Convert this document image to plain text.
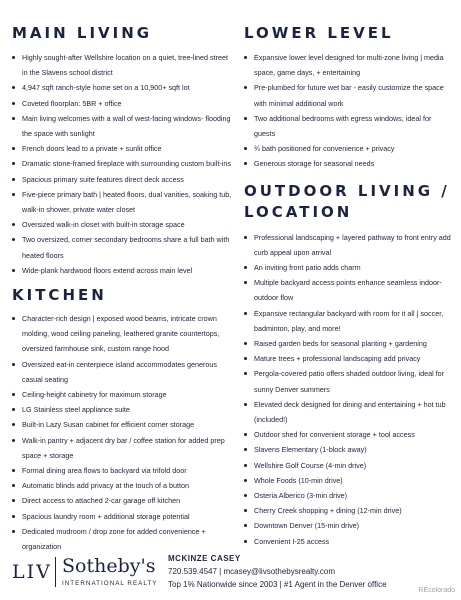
MAIN LIVING
Highly sought-after Wellshire location on a quiet, tree-lined street in the Slavens school district
4,947 sqft ranch-style home set on a 10,900+ sqft lot
Coveted floorplan: 5BR + office
Main living welcomes with a wall of west-facing windows- flooding the space with sunlight
French doors lead to a private + sunlit office
Dramatic stone-framed fireplace with surrounding custom built-ins
Spacious primary suite features direct deck access
Five-piece primary bath | heated floors, dual vanities, soaking tub, walk-in shower, private water closet
Oversized walk-in closet with built-in storage space
Two oversized, corner secondary bedrooms share a full bath with heated floors
Wide-plank hardwood floors extend across main level
KITCHEN
Character-rich design | exposed wood beams, intricate crown molding, wood ceiling paneling, leathered granite countertops, oversized farmhouse sink, custom range hood
Oversized eat-in centerpiece island accommodates generous casual seating
Ceiling-height cabinetry for maximum storage
LG Stainless steel appliance suite
Built-in Lazy Susan cabinet for efficient corner storage
Walk-in pantry + adjacent dry bar / coffee station for added prep space + storage
Formal dining area flows to backyard via trifold door
Automatic blinds add privacy at the touch of a button
Direct access to attached 2-car garage off kitchen
Spacious laundry room + additional storage potential
Dedicated mudroom / drop zone for added convenience + organization
LOWER LEVEL
Expansive lower level designed for multi-zone living | media space, game days, + entertaining
Pre-plumbed for future wet bar - easily customize the space with minimal additional work
Two additional bedrooms with egress windows, ideal for guests
¾ bath positioned for convenience + privacy
Generous storage for seasonal needs
OUTDOOR LIVING / LOCATION
Professional landscaping + layered pathway to front entry add curb appeal upon arrival
An inviting front patio adds charm
Multiple backyard access points enhance seamless indoor-outdoor flow
Expansive rectangular backyard with room for it all | soccer, badminton, play, and more!
Raised garden beds for seasonal planting + gardening
Mature trees + professional landscaping add privacy
Pergola-covered patio offers shaded outdoor living, ideal for sunny Denver summers
Elevated deck designed for dining and entertaining + hot tub (included!)
Outdoor shed for convenient storage + tool access
Slavens Elementary (1-block away)
Wellshire Golf Course (4-min drive)
Whole Foods (10-min drive)
Osteria Alberico (3-min drive)
Cherry Creek shopping + dining (12-min drive)
Downtown Denver (15-min drive)
Convenient I-25 access
LIV Sotheby's
INTERNATIONAL REALTY
MCKINZE CASEY
720.539.4547 | mcasey@livsothebysrealty.com
Top 1% Nationwide since 2003 | #1 Agent in the Denver office
REcolorado
